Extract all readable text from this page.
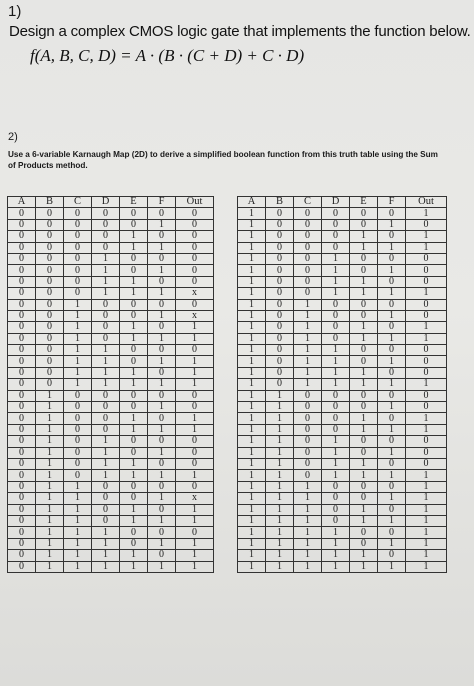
1)
Design a complex CMOS logic gate that implements the function below.
f(A, B, C, D) = A · (B · (C + D) + C · D)
2)
Use a 6-variable Karnaugh Map (2D) to derive a simplified boolean function from this truth table using the Sum of Products method.
A	B	C	D	E	F	Out
0	0	0	0	0	0	0
0	0	0	0	0	1	0
0	0	0	0	1	0	0
0	0	0	0	1	1	0
0	0	0	1	0	0	0
0	0	0	1	0	1	0
0	0	0	1	1	0	0
0	0	0	1	1	1	x
0	0	1	0	0	0	0
0	0	1	0	0	1	x
0	0	1	0	1	0	1
0	0	1	0	1	1	1
0	0	1	1	0	0	0
0	0	1	1	0	1	1
0	0	1	1	1	0	1
0	0	1	1	1	1	1
0	1	0	0	0	0	0
0	1	0	0	0	1	0
0	1	0	0	1	0	1
0	1	0	0	1	1	1
0	1	0	1	0	0	0
0	1	0	1	0	1	0
0	1	0	1	1	0	0
0	1	0	1	1	1	1
0	1	1	0	0	0	0
0	1	1	0	0	1	x
0	1	1	0	1	0	1
0	1	1	0	1	1	1
0	1	1	1	0	0	0
0	1	1	1	0	1	1
0	1	1	1	1	0	1
0	1	1	1	1	1	1
A	B	C	D	E	F	Out
1	0	0	0	0	0	1
1	0	0	0	0	1	0
1	0	0	0	1	0	1
1	0	0	0	1	1	1
1	0	0	1	0	0	0
1	0	0	1	0	1	0
1	0	0	1	1	0	0
1	0	0	1	1	1	1
1	0	1	0	0	0	0
1	0	1	0	0	1	0
1	0	1	0	1	0	1
1	0	1	0	1	1	1
1	0	1	1	0	0	0
1	0	1	1	0	1	0
1	0	1	1	1	0	0
1	0	1	1	1	1	1
1	1	0	0	0	0	0
1	1	0	0	0	1	0
1	1	0	0	1	0	1
1	1	0	0	1	1	1
1	1	0	1	0	0	0
1	1	0	1	0	1	0
1	1	0	1	1	0	0
1	1	0	1	1	1	1
1	1	1	0	0	0	1
1	1	1	0	0	1	1
1	1	1	0	1	0	1
1	1	1	0	1	1	1
1	1	1	1	0	0	1
1	1	1	1	0	1	1
1	1	1	1	1	0	1
1	1	1	1	1	1	1
